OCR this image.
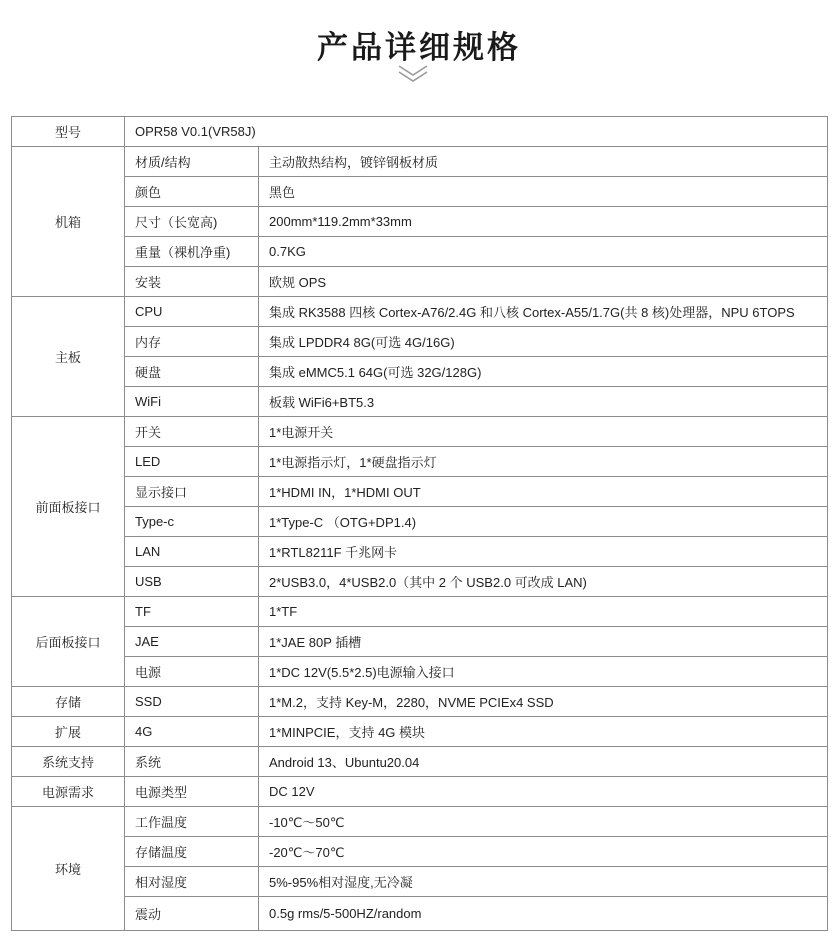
产品详细规格
型号	OPR58 V0.1(VR58J)	
机箱	材质/结构	主动散热结构，镀锌钢板材质
	颜色	黑色
	尺寸（长宽高)	200mm*119.2mm*33mm
	重量（裸机净重)	0.7KG
	安装	欧规 OPS
主板	CPU	集成 RK3588 四核 Cortex-A76/2.4G 和八核 Cortex-A55/1.7G(共 8 核)处理器，NPU 6TOPS
	内存	集成 LPDDR4 8G(可选 4G/16G)
	硬盘	集成 eMMC5.1 64G(可选 32G/128G)
	WiFi	板载 WiFi6+BT5.3
前面板接口	开关	1*电源开关
	LED	1*电源指示灯，1*硬盘指示灯
	显示接口	1*HDMI IN，1*HDMI OUT
	Type-c	1*Type-C （OTG+DP1.4)
	LAN	1*RTL8211F 千兆网卡
	USB	2*USB3.0，4*USB2.0（其中 2 个 USB2.0 可改成 LAN)
后面板接口	TF	1*TF
	JAE	1*JAE 80P 插槽
	电源	1*DC 12V(5.5*2.5)电源输入接口
存储	SSD	1*M.2，支持 Key-M，2280，NVME PCIEx4 SSD
扩展	4G	1*MINPCIE，支持 4G 模块
系统支持	系统	Android 13、Ubuntu20.04
电源需求	电源类型	DC 12V
环境	工作温度	-10℃～50℃
	存储温度	-20℃～70℃
	相对湿度	5%-95%相对湿度,无冷凝
	震动	0.5g rms/5-500HZ/random
